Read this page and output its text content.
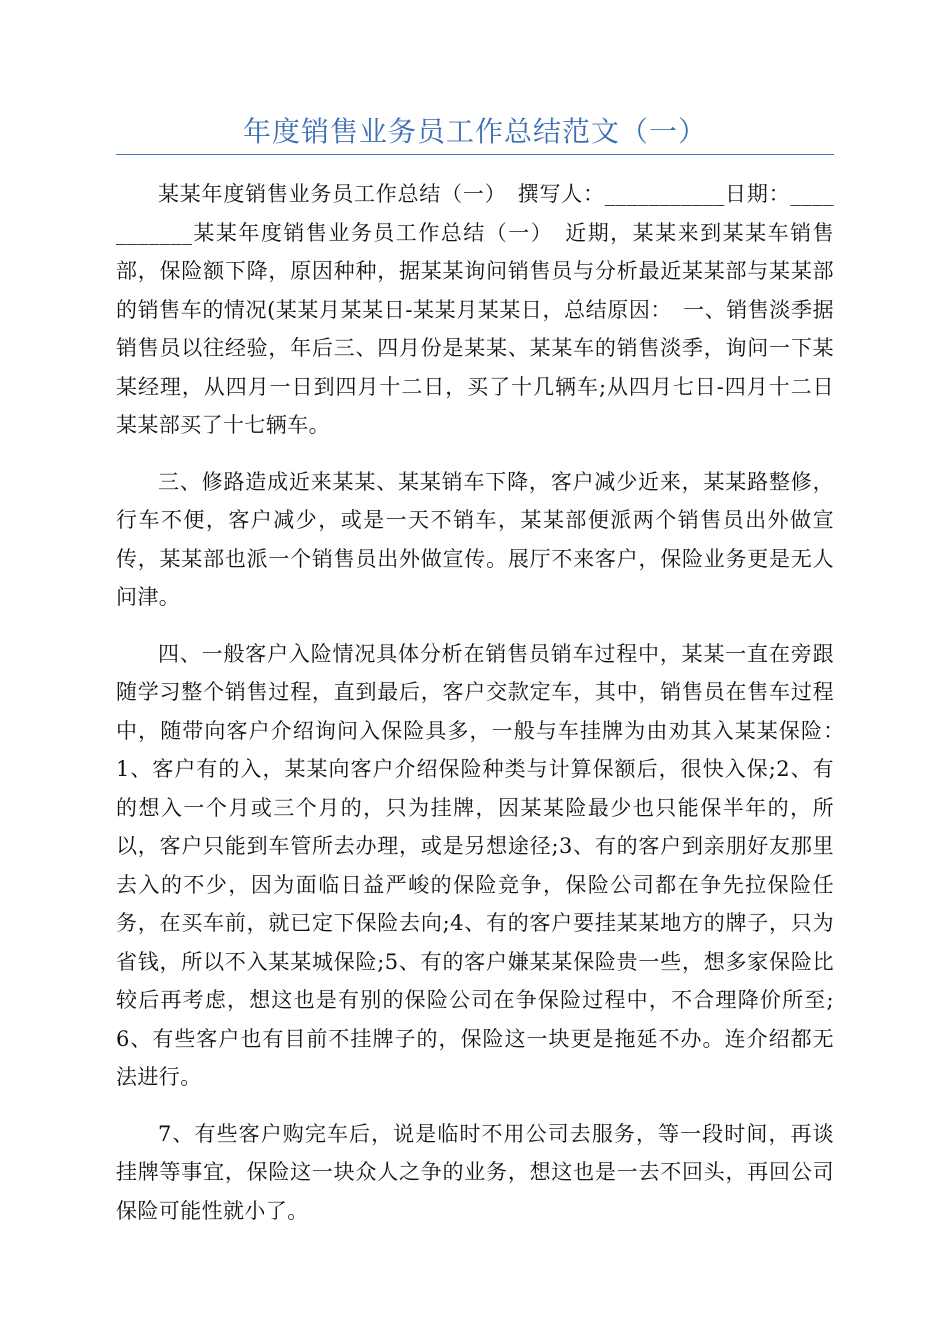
年度销售业务员工作总结范文（一）

某某年度销售业务员工作总结（一）　撰写人：___________日期：___________某某年度销售业务员工作总结（一）　近期，某某来到某某车销售部，保险额下降，原因种种，据某某询问销售员与分析最近某某部与某某部的销售车的情况(某某月某某日-某某月某某日，总结原因：　一、销售淡季据销售员以往经验，年后三、四月份是某某、某某车的销售淡季，询问一下某某经理，从四月一日到四月十二日，买了十几辆车;从四月七日-四月十二日某某部买了十七辆车。

三、修路造成近来某某、某某销车下降，客户减少近来，某某路整修，行车不便，客户减少，或是一天不销车，某某部便派两个销售员出外做宣传，某某部也派一个销售员出外做宣传。展厅不来客户，保险业务更是无人问津。

四、一般客户入险情况具体分析在销售员销车过程中，某某一直在旁跟随学习整个销售过程，直到最后，客户交款定车，其中，销售员在售车过程中，随带向客户介绍询问入保险具多，一般与车挂牌为由劝其入某某保险：　1、客户有的入，某某向客户介绍保险种类与计算保额后，很快入保;2、有的想入一个月或三个月的，只为挂牌，因某某险最少也只能保半年的，所以，客户只能到车管所去办理，或是另想途径;3、有的客户到亲朋好友那里去入的不少，因为面临日益严峻的保险竞争，保险公司都在争先拉保险任务，在买车前，就已定下保险去向;4、有的客户要挂某某地方的牌子，只为省钱，所以不入某某城保险;5、有的客户嫌某某保险贵一些，想多家保险比较后再考虑，想这也是有别的保险公司在争保险过程中，不合理降价所至;6、有些客户也有目前不挂牌子的，保险这一块更是拖延不办。连介绍都无法进行。

7、有些客户购完车后，说是临时不用公司去服务，等一段时间，再谈挂牌等事宜，保险这一块众人之争的业务，想这也是一去不回头，再回公司保险可能性就小了。
